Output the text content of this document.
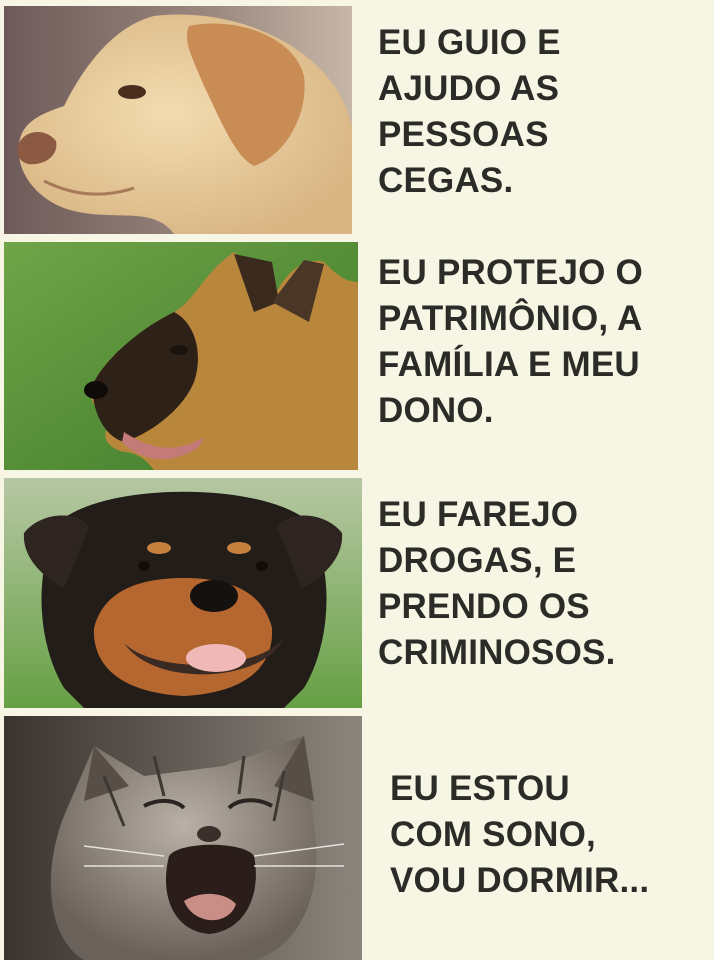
EU GUIO E
AJUDO AS
PESSOAS
CEGAS.

EU PROTEJO O
PATRIMÔNIO, A
FAMÍLIA E MEU
DONO.

EU FAREJO
DROGAS, E
PRENDO OS
CRIMINOSOS.

EU ESTOU
COM SONO,
VOU DORMIR...
